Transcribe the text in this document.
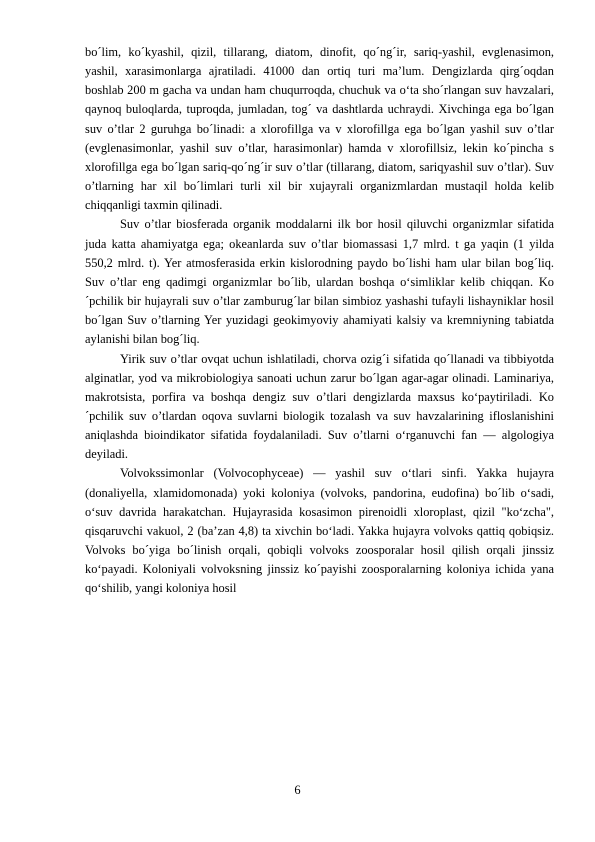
bo´lim, ko´kyashil, qizil, tillarang, diatom, dinofit, qo´ng´ir, sariq-yashil, evglenasimon, yashil, xarasimonlarga ajratiladi. 41000 dan ortiq turi ma’lum. Dengizlarda qirg´oqdan boshlab 200 m gacha va undan ham chuqurroqda, chuchuk va o‘ta sho´rlangan suv havzalari, qaynoq buloqlarda, tuproqda, jumladan, tog´ va dashtlarda uchraydi. Xivchinga ega bo´lgan suv o’tlar 2 guruhga bo´linadi: a xlorofillga va v xlorofillga ega bo´lgan yashil suv o’tlar (evglenasimonlar, yashil suv o’tlar, harasimonlar) hamda v xlorofillsiz, lekin ko´pincha s xlorofillga ega bo´lgan sariq-qo´ng´ir suv o’tlar (tillarang, diatom, sariqyashil suv o’tlar). Suv o’tlarning har xil bo´limlari turli xil bir xujayrali organizmlardan mustaqil holda kelib chiqqanligi taxmin qilinadi.

Suv o’tlar biosferada organik moddalarni ilk bor hosil qiluvchi organizmlar sifatida juda katta ahamiyatga ega; okeanlarda suv o’tlar biomassasi 1,7 mlrd. t ga yaqin (1 yilda 550,2 mlrd. t). Yer atmosferasida erkin kislorodning paydo bo´lishi ham ular bilan bog´liq. Suv o’tlar eng qadimgi organizmlar bo´lib, ulardan boshqa o‘simliklar kelib chiqqan. Ko´pchilik bir hujayrali suv o’tlar zamburug´lar bilan simbioz yashashi tufayli lishayniklar hosil bo´lgan Suv o’tlarning Yer yuzidagi geokimyoviy ahamiyati kalsiy va kremniyning tabiatda aylanishi bilan bog´liq.

Yirik suv o’tlar ovqat uchun ishlatiladi, chorva ozig´i sifatida qo´llanadi va tibbiyotda alginatlar, yod va mikrobiologiya sanoati uchun zarur bo´lgan agar-agar olinadi. Laminariya, makrotsista, porfira va boshqa dengiz suv o’tlari dengizlarda maxsus ko‘paytiriladi. Ko´pchilik suv o’tlardan oqova suvlarni biologik tozalash va suv havzalarining ifloslanishini aniqlashda bioindikator sifatida foydalaniladi. Suv o’tlarni o‘rganuvchi fan — algologiya deyiladi.

Volvokssimonlar (Volvocophyceae) — yashil suv o‘tlari sinfi. Yakka hujayra (donaliyella, xlamidomonada) yoki koloniya (volvoks, pandorina, eudofina) bo´lib o‘sadi, o‘suv davrida harakatchan. Hujayrasida kosasimon pirenoidli xloroplast, qizil "ko‘zcha", qisqaruvchi vakuol, 2 (ba’zan 4,8) ta xivchin bo‘ladi. Yakka hujayra volvoks qattiq qobiqsiz. Volvoks bo´yiga bo´linish orqali, qobiqli volvoks zoosporalar hosil qilish orqali jinssiz ko‘payadi. Koloniyali volvoksning jinssiz ko´payishi zoosporalarning koloniya ichida yana qo‘shilib, yangi koloniya hosil

6
